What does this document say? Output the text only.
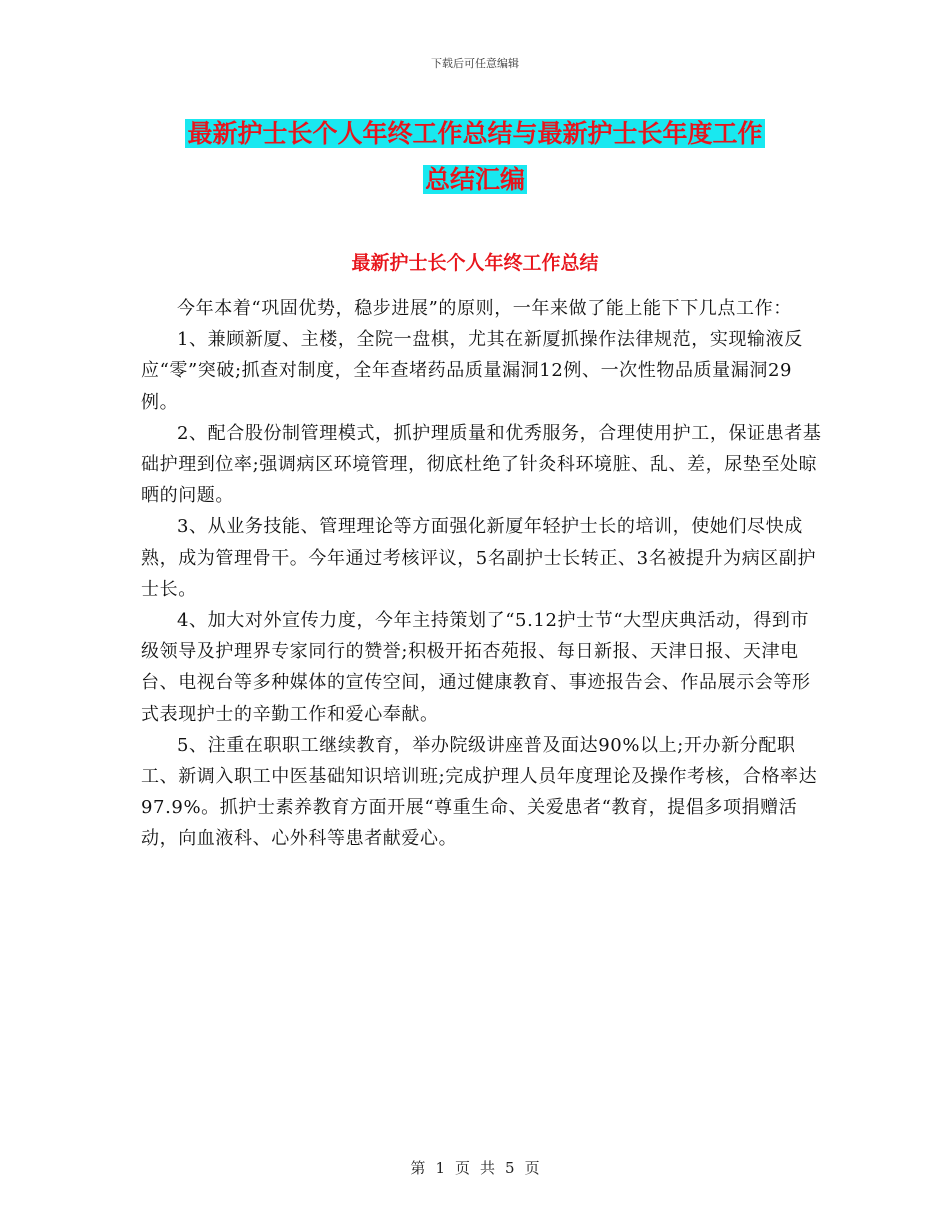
下载后可任意编辑
最新护士长个人年终工作总结与最新护士长年度工作
总结汇编
最新护士长个人年终工作总结

今年本着“巩固优势，稳步进展”的原则，一年来做了能上能下下几点工作：

1、兼顾新厦、主楼，全院一盘棋，尤其在新厦抓操作法律规范，实现输液反应“零”突破;抓查对制度，全年查堵药品质量漏洞12例、一次性物品质量漏洞29例。

2、配合股份制管理模式，抓护理质量和优秀服务，合理使用护工，保证患者基础护理到位率;强调病区环境管理，彻底杜绝了针灸科环境脏、乱、差，尿垫至处晾晒的问题。

3、从业务技能、管理理论等方面强化新厦年轻护士长的培训，使她们尽快成熟，成为管理骨干。今年通过考核评议，5名副护士长转正、3名被提升为病区副护士长。

4、加大对外宣传力度，今年主持策划了“5.12护士节“大型庆典活动，得到市级领导及护理界专家同行的赞誉;积极开拓杏苑报、每日新报、天津日报、天津电台、电视台等多种媒体的宣传空间，通过健康教育、事迹报告会、作品展示会等形式表现护士的辛勤工作和爱心奉献。

5、注重在职职工继续教育，举办院级讲座普及面达90%以上;开办新分配职工、新调入职工中医基础知识培训班;完成护理人员年度理论及操作考核，合格率达97.9%。抓护士素养教育方面开展“尊重生命、关爱患者“教育，提倡多项捐赠活动，向血液科、心外科等患者献爱心。

第 1 页 共 5 页
